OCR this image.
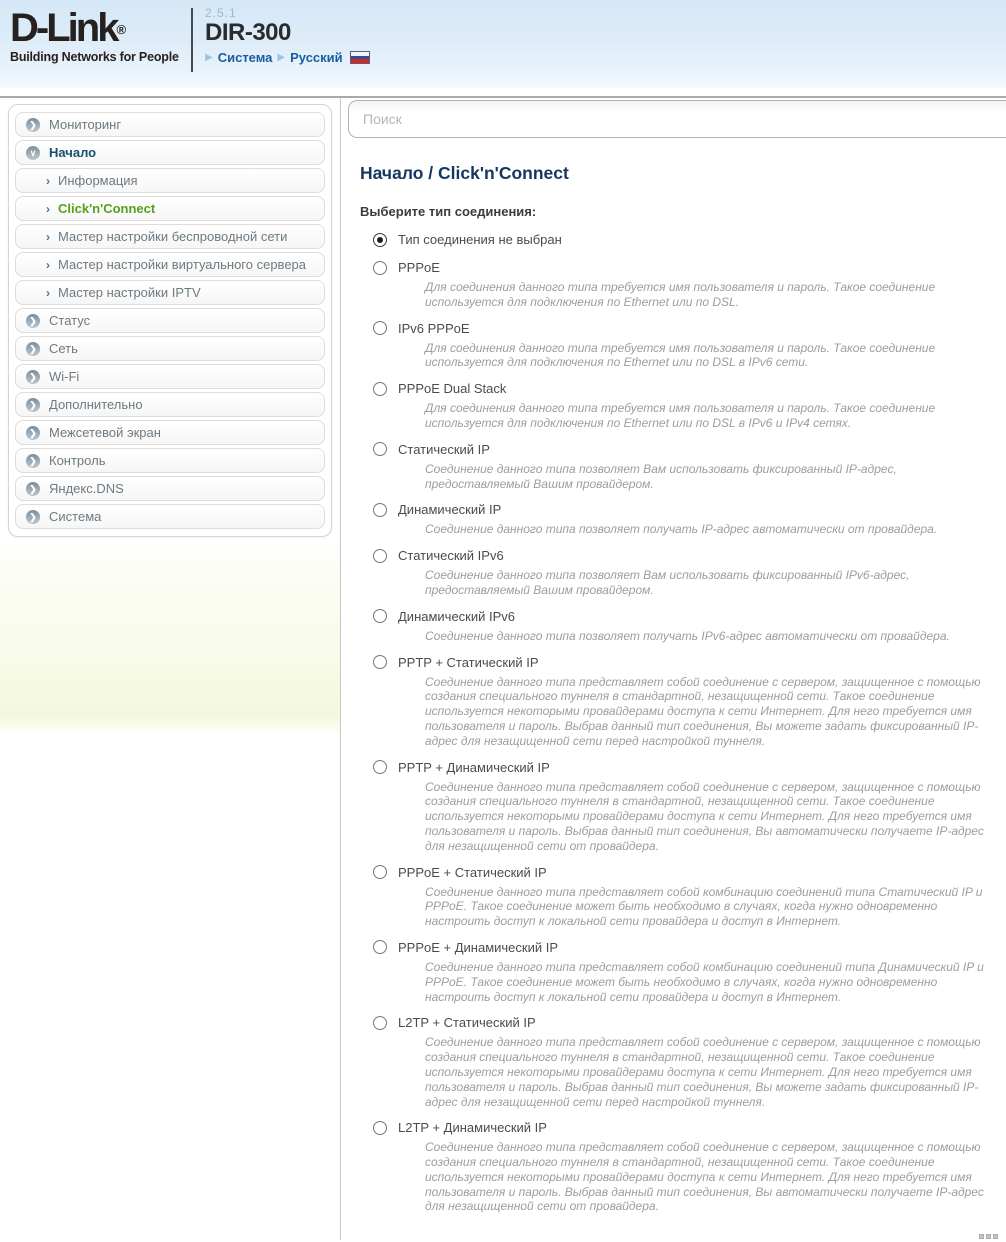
D-Link®
Building Networks for People
2.5.1
DIR-300
▶ Система ▶ Русский
❯ Мониторинг
∨ Начало
› Информация
› Click'n'Connect
› Мастер настройки беспроводной сети
› Мастер настройки виртуального сервера
› Мастер настройки IPTV
❯ Статус
❯ Сеть
❯ Wi-Fi
❯ Дополнительно
❯ Межсетевой экран
❯ Контроль
❯ Яндекс.DNS
❯ Система
Поиск
Начало / Click'n'Connect
Выберите тип соединения:
Тип соединения не выбран
PPPoE
Для соединения данного типа требуется имя пользователя и пароль. Такое соединение используется для подключения по Ethernet или по DSL.
IPv6 PPPoE
Для соединения данного типа требуется имя пользователя и пароль. Такое соединение используется для подключения по Ethernet или по DSL в IPv6 сети.
PPPoE Dual Stack
Для соединения данного типа требуется имя пользователя и пароль. Такое соединение используется для подключения по Ethernet или по DSL в IPv6 и IPv4 сетях.
Статический IP
Соединение данного типа позволяет Вам использовать фиксированный IP-адрес, предоставляемый Вашим провайдером.
Динамический IP
Соединение данного типа позволяет получать IP-адрес автоматически от провайдера.
Статический IPv6
Соединение данного типа позволяет Вам использовать фиксированный IPv6-адрес, предоставляемый Вашим провайдером.
Динамический IPv6
Соединение данного типа позволяет получать IPv6-адрес автоматически от провайдера.
PPTP + Статический IP
Соединение данного типа представляет собой соединение с сервером, защищенное с помощью создания специального туннеля в стандартной, незащищенной сети. Такое соединение используется некоторыми провайдерами доступа к сети Интернет. Для него требуется имя пользователя и пароль. Выбрав данный тип соединения, Вы можете задать фиксированный IP-адрес для незащищенной сети перед настройкой туннеля.
PPTP + Динамический IP
Соединение данного типа представляет собой соединение с сервером, защищенное с помощью создания специального туннеля в стандартной, незащищенной сети. Такое соединение используется некоторыми провайдерами доступа к сети Интернет. Для него требуется имя пользователя и пароль. Выбрав данный тип соединения, Вы автоматически получаете IP-адрес для незащищенной сети от провайдера.
PPPoE + Статический IP
Соединение данного типа представляет собой комбинацию соединений типа Статический IP и PPPoE. Такое соединение может быть необходимо в случаях, когда нужно одновременно настроить доступ к локальной сети провайдера и доступ в Интернет.
PPPoE + Динамический IP
Соединение данного типа представляет собой комбинацию соединений типа Динамический IP и PPPoE. Такое соединение может быть необходимо в случаях, когда нужно одновременно настроить доступ к локальной сети провайдера и доступ в Интернет.
L2TP + Статический IP
Соединение данного типа представляет собой соединение с сервером, защищенное с помощью создания специального туннеля в стандартной, незащищенной сети. Такое соединение используется некоторыми провайдерами доступа к сети Интернет. Для него требуется имя пользователя и пароль. Выбрав данный тип соединения, Вы можете задать фиксированный IP-адрес для незащищенной сети перед настройкой туннеля.
L2TP + Динамический IP
Соединение данного типа представляет собой соединение с сервером, защищенное с помощью создания специального туннеля в стандартной, незащищенной сети. Такое соединение используется некоторыми провайдерами доступа к сети Интернет. Для него требуется имя пользователя и пароль. Выбрав данный тип соединения, Вы автоматически получаете IP-адрес для незащищенной сети от провайдера.
